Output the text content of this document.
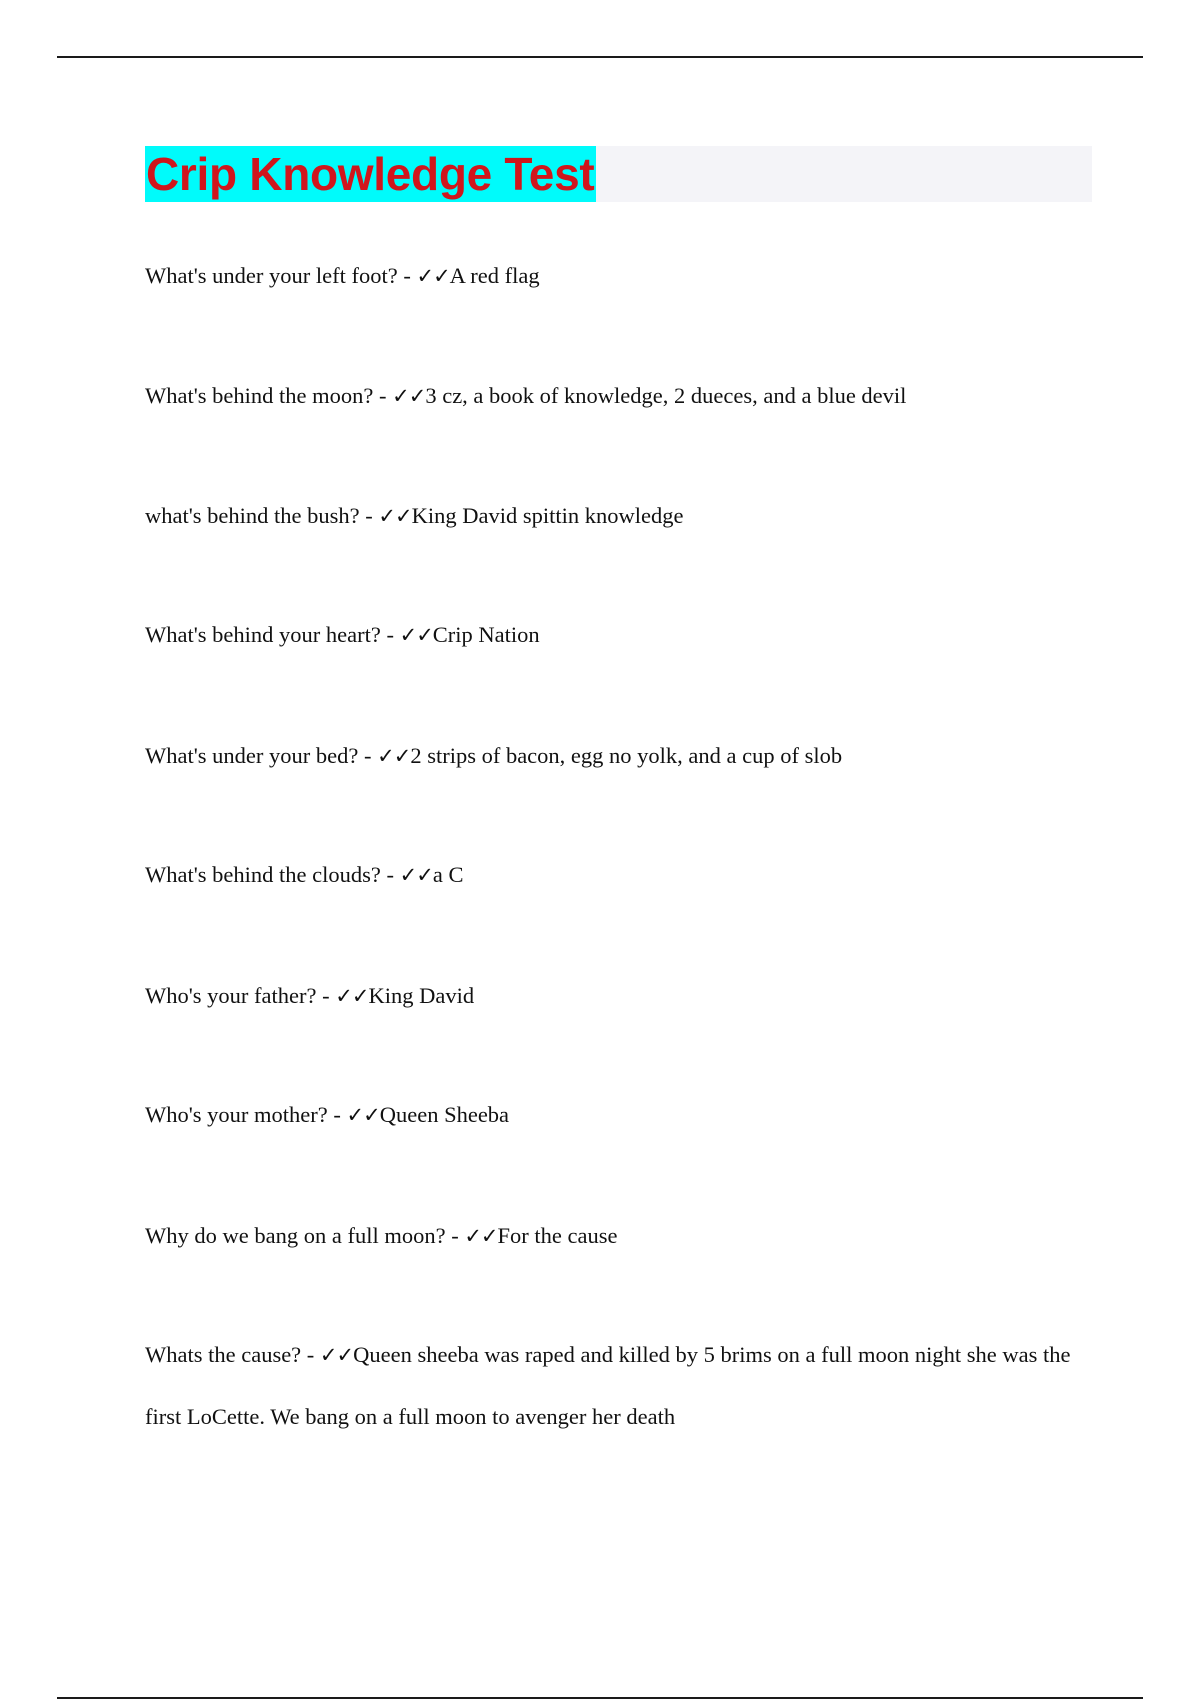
Crip Knowledge Test
What's under your left foot? - ✓✓A red flag
What's behind the moon? - ✓✓3 cz, a book of knowledge, 2 dueces, and a blue devil
what's behind the bush? - ✓✓King David spittin knowledge
What's behind your heart? - ✓✓Crip Nation
What's under your bed? - ✓✓2 strips of bacon, egg no yolk, and a cup of slob
What's behind the clouds? - ✓✓a C
Who's your father? - ✓✓King David
Who's your mother? - ✓✓Queen Sheeba
Why do we bang on a full moon? - ✓✓For the cause
Whats the cause? - ✓✓Queen sheeba was raped and killed by 5 brims on a full moon night she was the first LoCette. We bang on a full moon to avenger her death
